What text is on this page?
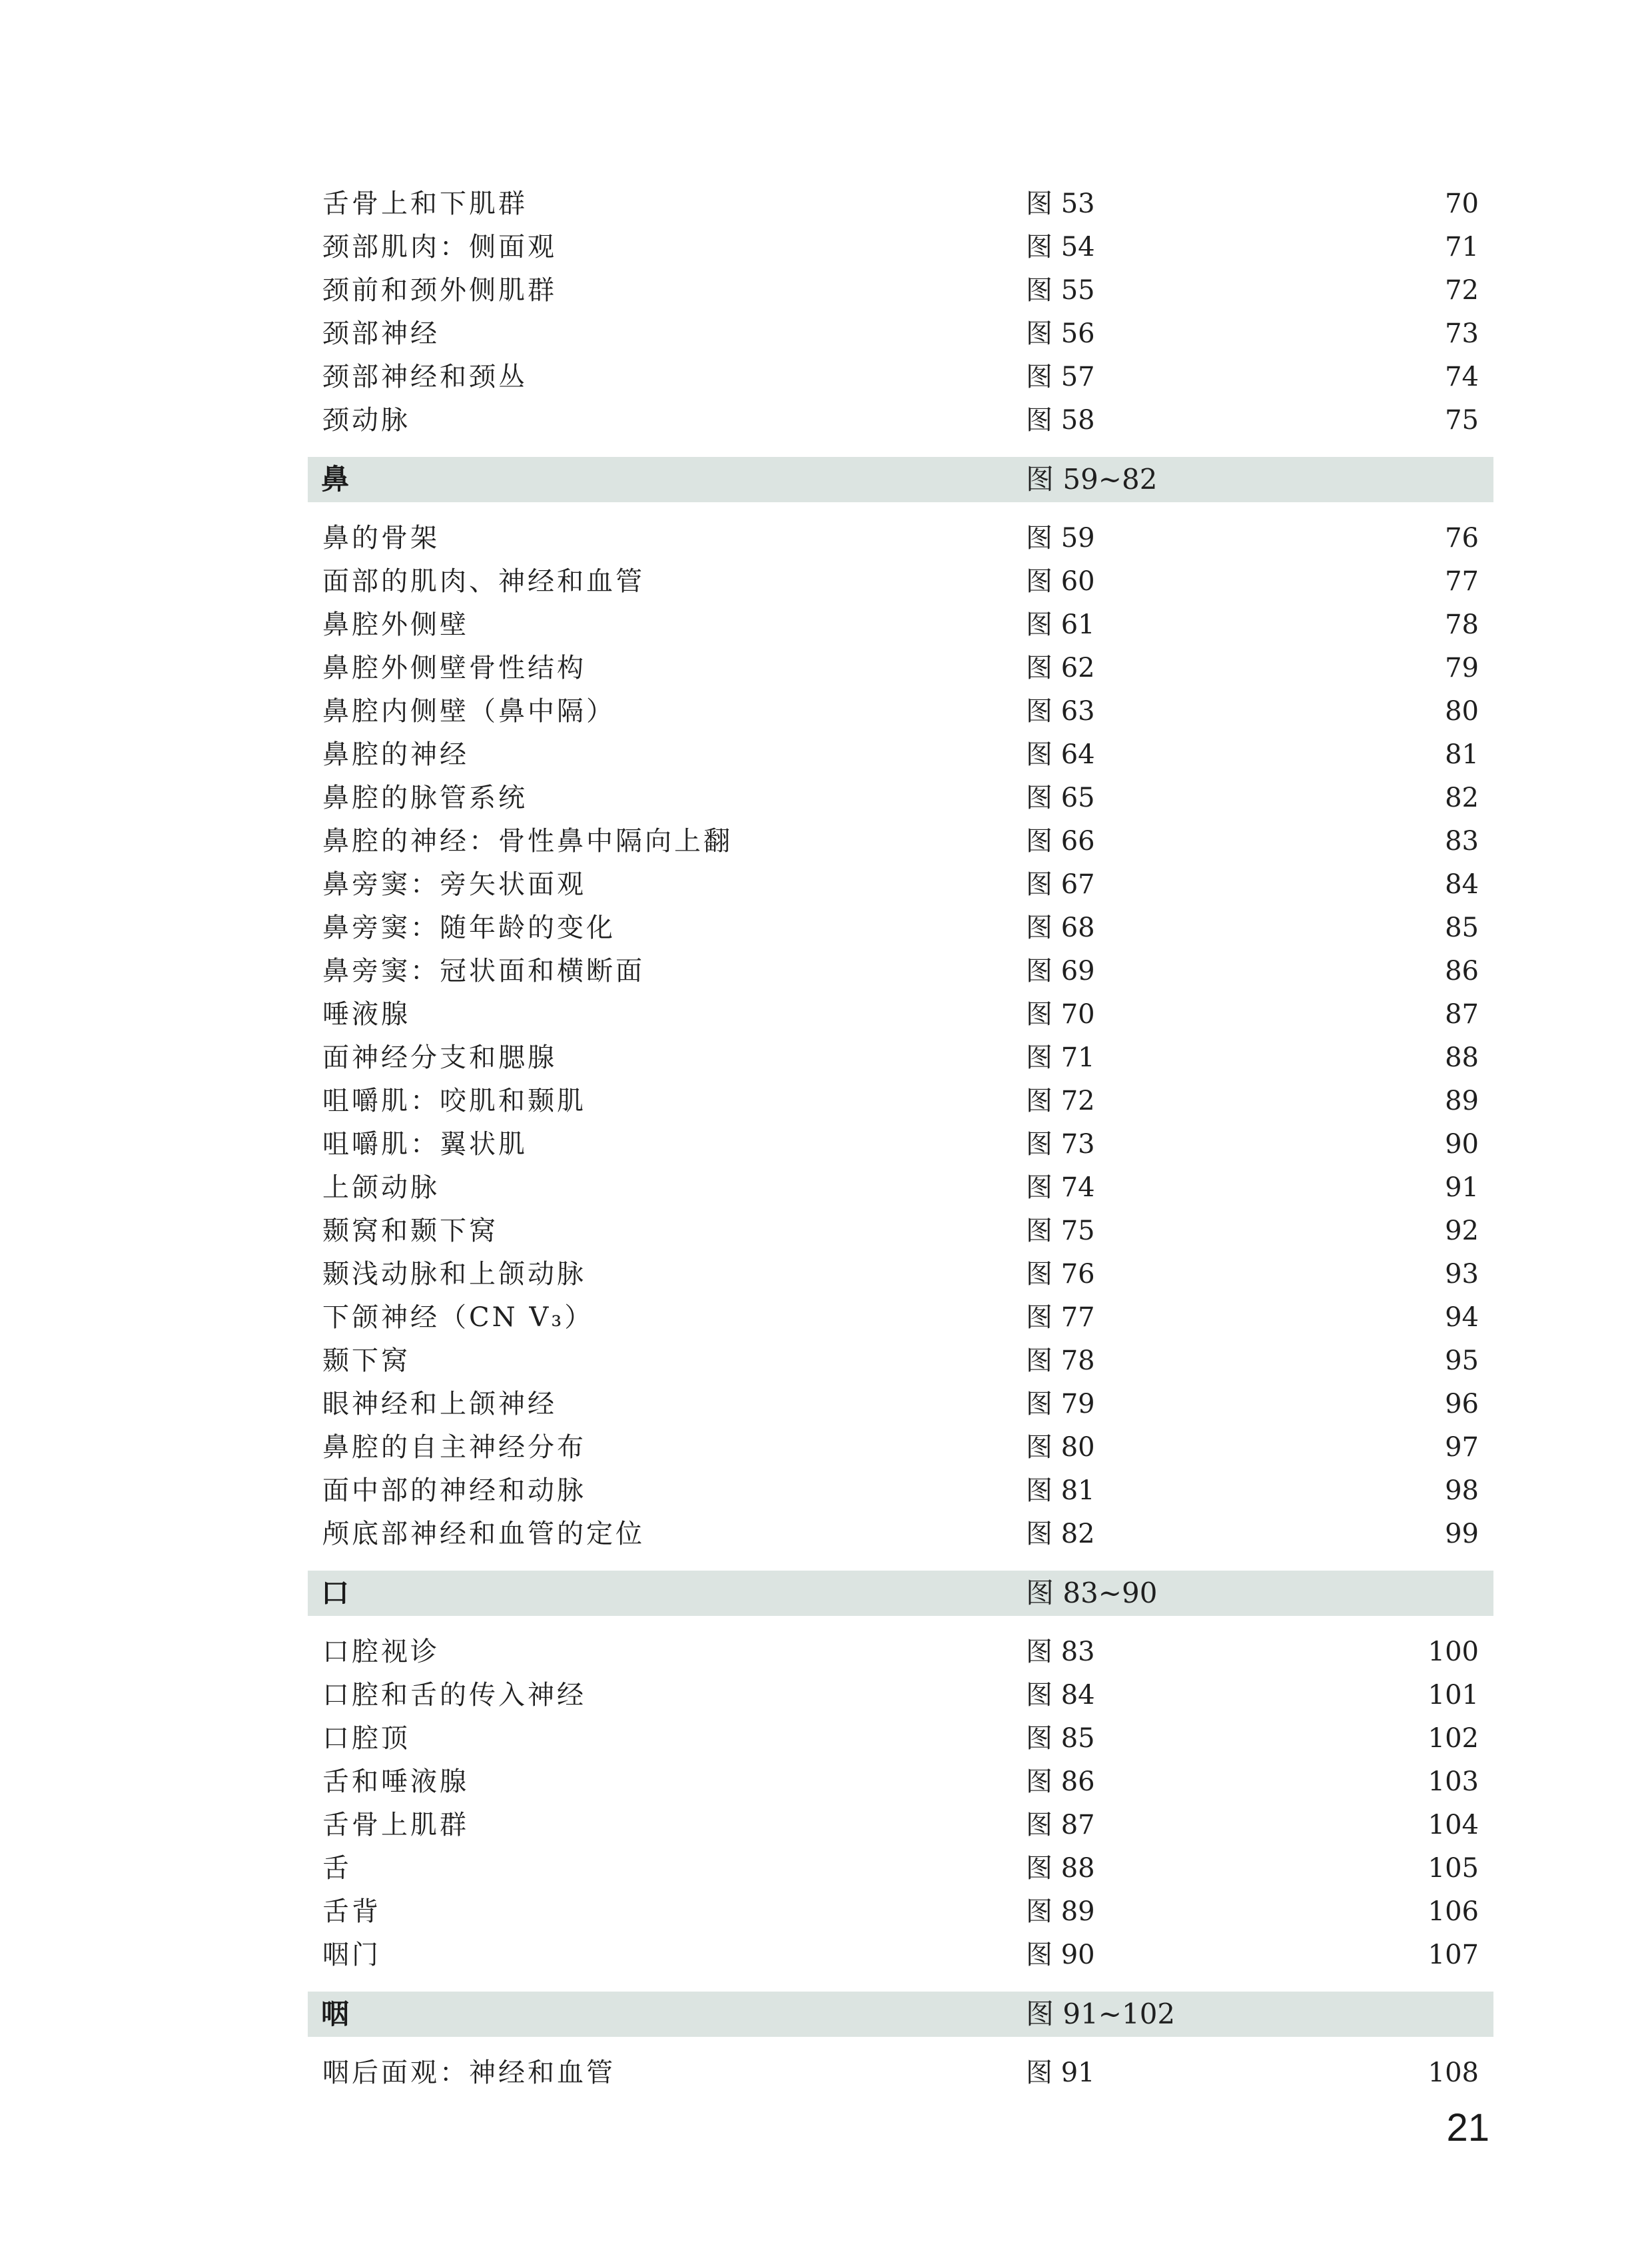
舌骨上和下肌群	图 53	70
颈部肌肉：侧面观	图 54	71
颈前和颈外侧肌群	图 55	72
颈部神经	图 56	73
颈部神经和颈丛	图 57	74
颈动脉	图 58	75
鼻	图 59~82
鼻的骨架	图 59	76
面部的肌肉、神经和血管	图 60	77
鼻腔外侧壁	图 61	78
鼻腔外侧壁骨性结构	图 62	79
鼻腔内侧壁（鼻中隔）	图 63	80
鼻腔的神经	图 64	81
鼻腔的脉管系统	图 65	82
鼻腔的神经：骨性鼻中隔向上翻	图 66	83
鼻旁窦：旁矢状面观	图 67	84
鼻旁窦：随年龄的变化	图 68	85
鼻旁窦：冠状面和横断面	图 69	86
唾液腺	图 70	87
面神经分支和腮腺	图 71	88
咀嚼肌：咬肌和颞肌	图 72	89
咀嚼肌：翼状肌	图 73	90
上颌动脉	图 74	91
颞窝和颞下窝	图 75	92
颞浅动脉和上颌动脉	图 76	93
下颌神经（CN V₃）	图 77	94
颞下窝	图 78	95
眼神经和上颌神经	图 79	96
鼻腔的自主神经分布	图 80	97
面中部的神经和动脉	图 81	98
颅底部神经和血管的定位	图 82	99
口	图 83~90
口腔视诊	图 83	100
口腔和舌的传入神经	图 84	101
口腔顶	图 85	102
舌和唾液腺	图 86	103
舌骨上肌群	图 87	104
舌	图 88	105
舌背	图 89	106
咽门	图 90	107
咽	图 91~102
咽后面观：神经和血管	图 91	108
21
